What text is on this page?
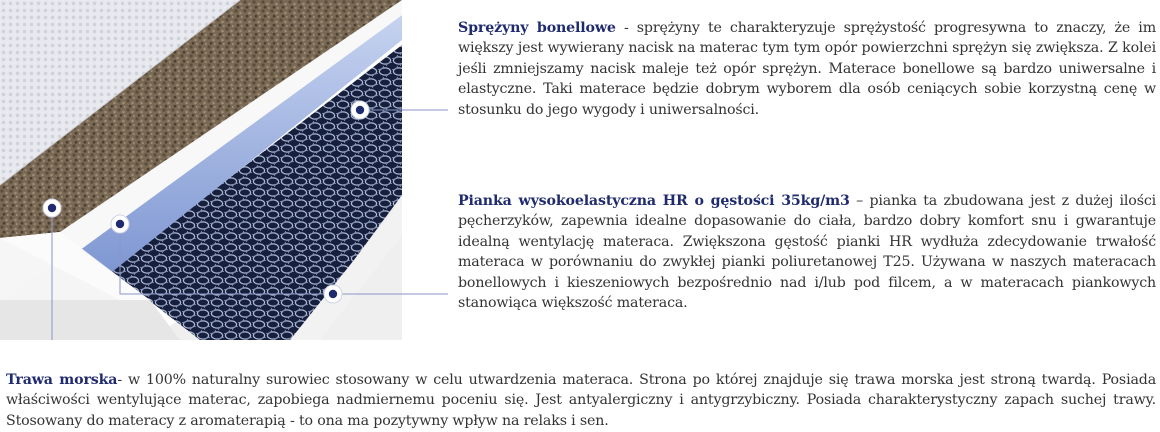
Sprężyny bonellowe - sprężyny te charakteryzuje sprężystość progresywna to znaczy, że im większy jest wywierany nacisk na materac tym tym opór powierzchni sprężyn się zwiększa. Z kolei jeśli zmniejszamy nacisk maleje też opór sprężyn. Materace bonellowe są bardzo uniwersalne i elastyczne. Taki materace będzie dobrym wyborem dla osób ceniących sobie korzystną cenę w stosunku do jego wygody i uniwersalności.

Pianka wysokoelastyczna HR o gęstości 35kg/m3 – pianka ta zbudowana jest z dużej ilości pęcherzyków, zapewnia idealne dopasowanie do ciała, bardzo dobry komfort snu i gwarantuje idealną wentylację materaca. Zwiększona gęstość pianki HR wydłuża zdecydowanie trwałość materaca w porównaniu do zwykłej pianki poliuretanowej T25. Używana w naszych materacach bonellowych i kieszeniowych bezpośrednio nad i/lub pod filcem, a w materacach piankowych stanowiąca większość materaca.

Trawa morska- w 100% naturalny surowiec stosowany w celu utwardzenia materaca. Strona po której znajduje się trawa morska jest stroną twardą. Posiada właściwości wentylujące materac, zapobiega nadmiernemu poceniu się. Jest antyalergiczny i antygrzybiczny. Posiada charakterystyczny zapach suchej trawy. Stosowany do materacy z aromaterapią - to ona ma pozytywny wpływ na relaks i sen.
